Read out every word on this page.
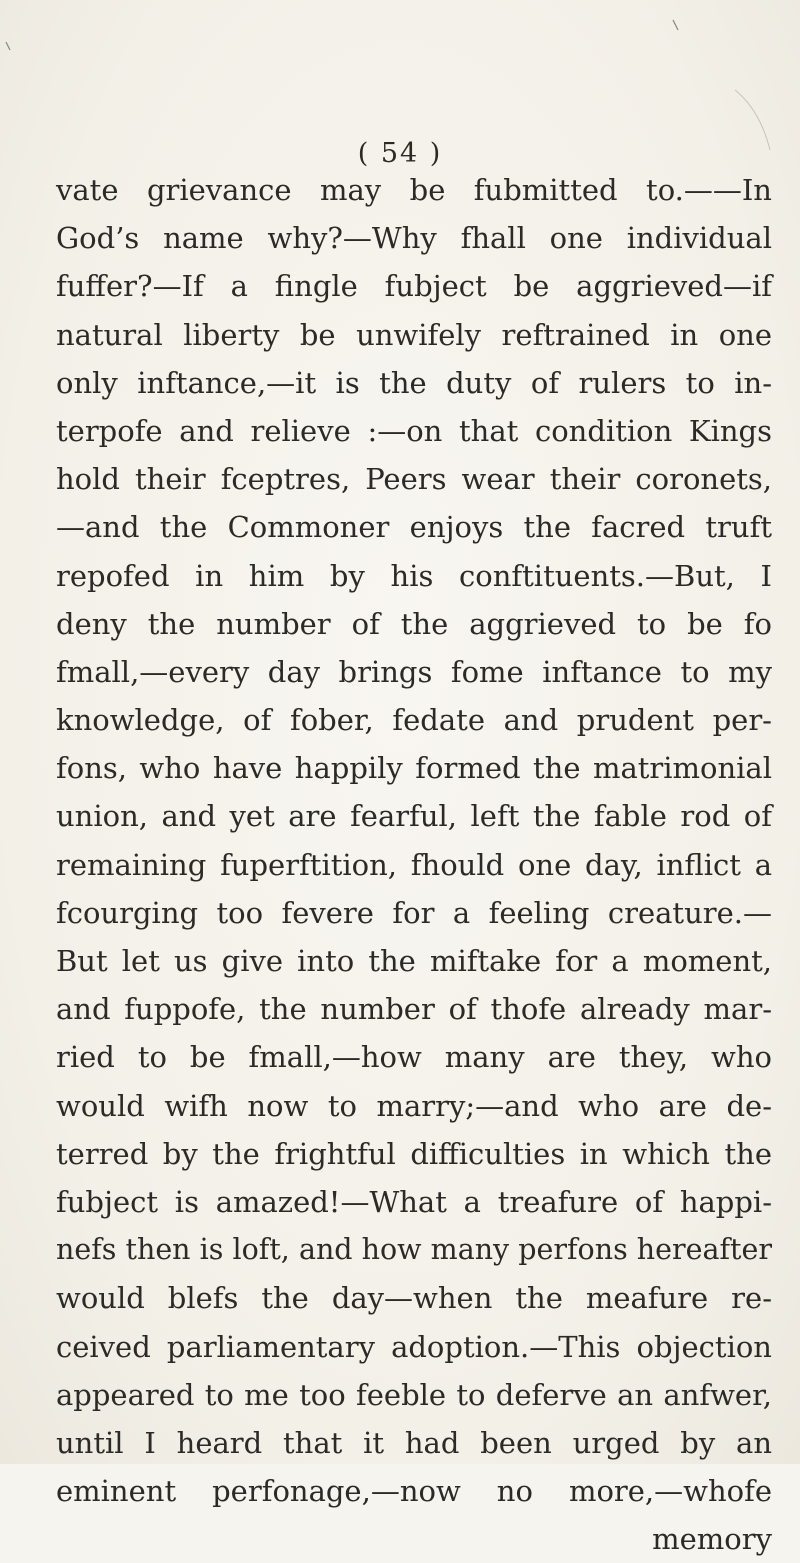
( 54 )
vate grievance may be fubmitted to.——In
God’s name why?—Why fhall one individual
fuffer?—If a fingle fubject be aggrieved—if
natural liberty be unwifely reftrained in one
only inftance,—it is the duty of rulers to in-
terpofe and relieve :—on that condition Kings
hold their fceptres, Peers wear their coronets,
—and the Commoner enjoys the facred truft
repofed in him by his conftituents.—But, I
deny the number of the aggrieved to be fo
fmall,—every day brings fome inftance to my
knowledge, of fober, fedate and prudent per-
fons, who have happily formed the matrimonial
union, and yet are fearful, left the fable rod of
remaining fuperftition, fhould one day, inflict a
fcourging too fevere for a feeling creature.—
But let us give into the miftake for a moment,
and fuppofe, the number of thofe already mar-
ried to be fmall,—how many are they, who
would wifh now to marry;—and who are de-
terred by the frightful difficulties in which the
fubject is amazed!—What a treafure of happi-
nefs then is loft, and how many perfons hereafter
would blefs the day—when the meafure re-
ceived parliamentary adoption.—This objection
appeared to me too feeble to deferve an anfwer,
until I heard that it had been urged by an
eminent perfonage,—now no more,—whofe
memory
